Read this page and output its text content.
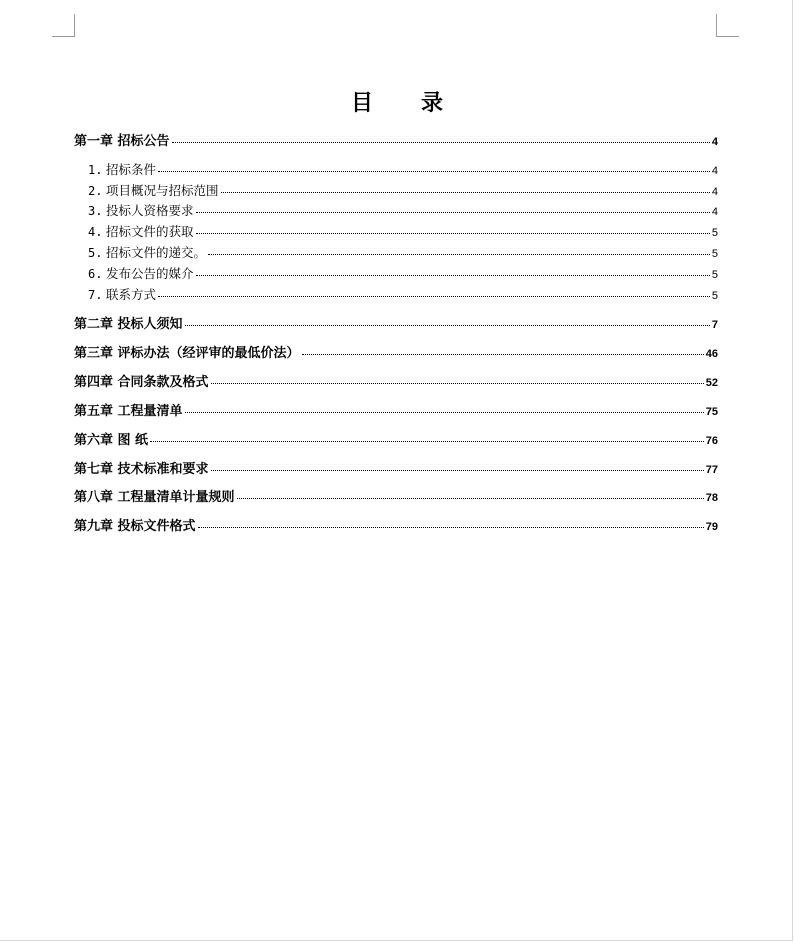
目 录
第一章 招标公告	4
1. 招标条件	4
2. 项目概况与招标范围	4
3. 投标人资格要求	4
4. 招标文件的获取	5
5. 招标文件的递交。	5
6. 发布公告的媒介	5
7. 联系方式	5
第二章 投标人须知	7
第三章 评标办法（经评审的最低价法）	46
第四章 合同条款及格式	52
第五章 工程量清单	75
第六章 图 纸	76
第七章 技术标准和要求	77
第八章 工程量清单计量规则	78
第九章 投标文件格式	79
